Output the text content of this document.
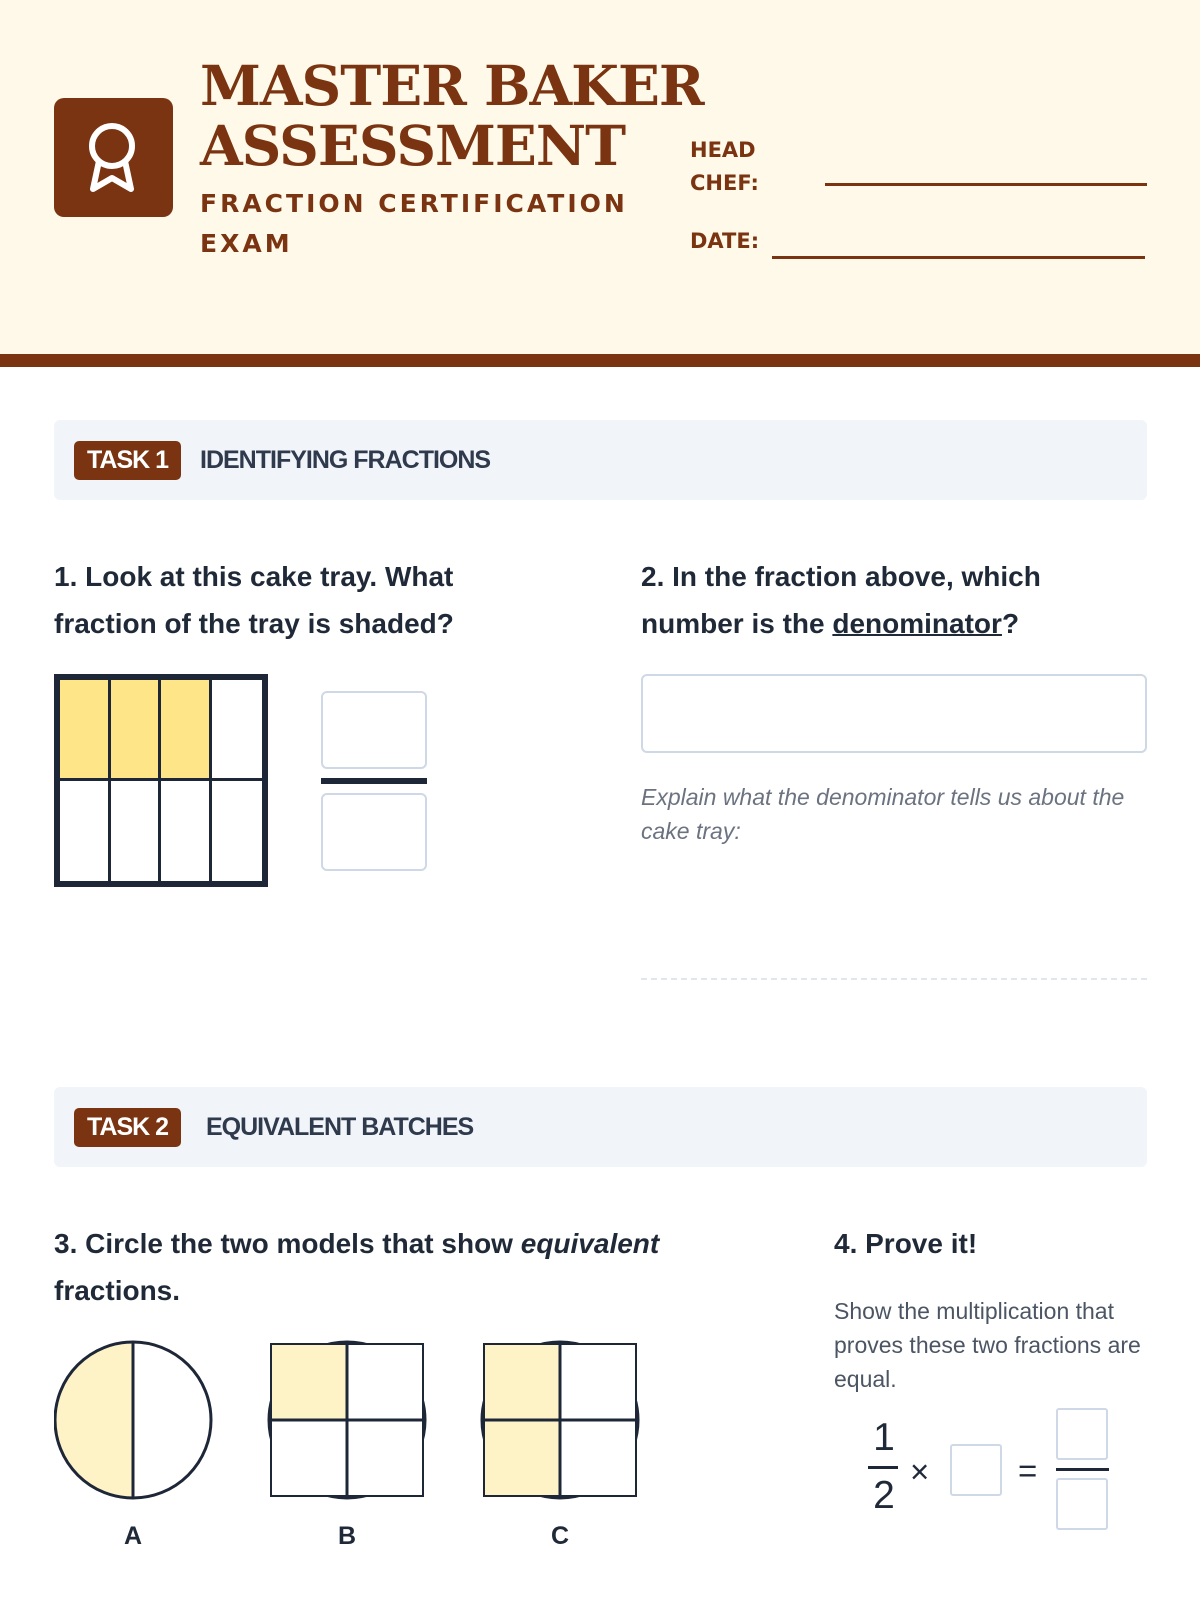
MASTER BAKER
ASSESSMENT
FRACTION CERTIFICATION EXAM
HEAD
CHEF:
DATE:
TASK 1	IDENTIFYING FRACTIONS
1. Look at this cake tray. What
fraction of the tray is shaded?
2. In the fraction above, which
number is the denominator?
Explain what the denominator tells us about the cake tray:
TASK 2	EQUIVALENT BATCHES
3. Circle the two models that show equivalent
fractions.
A	B	C
4. Prove it!
Show the multiplication that proves these two fractions are equal.
1
2
×	=
